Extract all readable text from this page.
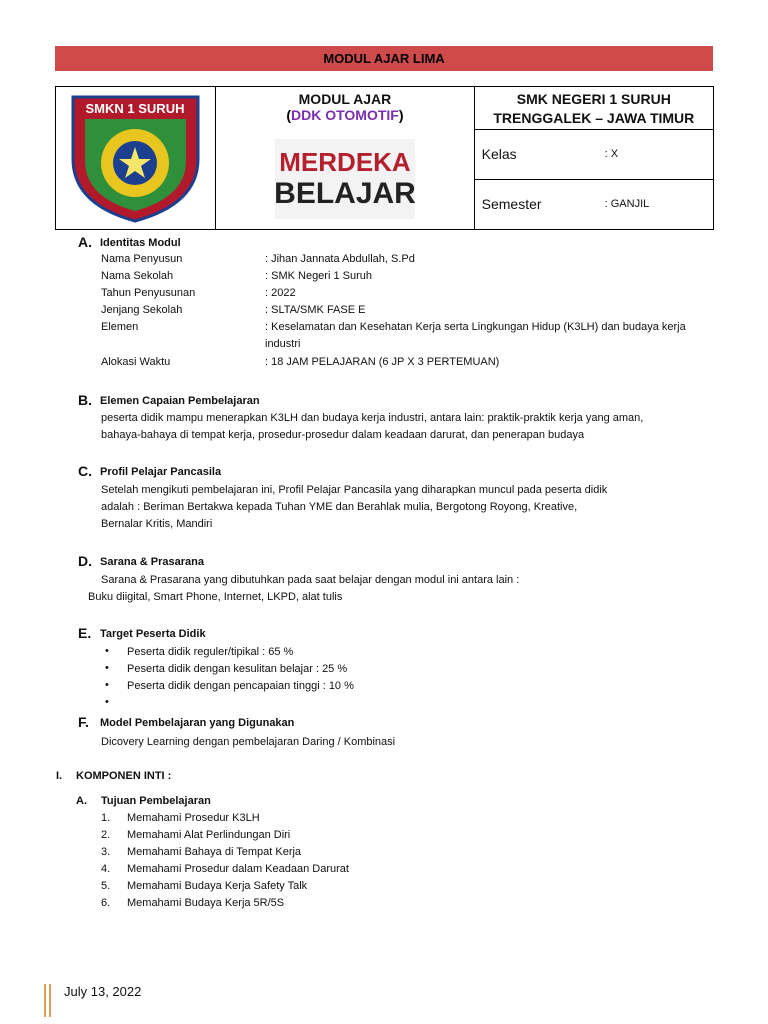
MODUL AJAR LIMA
SMKN 1 SURUH

MODUL AJAR
(DDK OTOMOTIF)
MERDEKA
BELAJAR

SMK NEGERI 1 SURUH
TRENGGALEK – JAWA TIMUR

Kelas	: X

Semester	: GANJIL
A. Identitas Modul
Nama Penyusun	: Jihan Jannata Abdullah, S.Pd
Nama Sekolah	: SMK Negeri 1 Suruh
Tahun Penyusunan	: 2022
Jenjang Sekolah	: SLTA/SMK FASE E
Elemen	: Keselamatan dan Kesehatan Kerja serta Lingkungan Hidup (K3LH) dan budaya kerja
industri
Alokasi Waktu	: 18 JAM PELAJARAN (6 JP X 3 PERTEMUAN)
B. Elemen Capaian Pembelajaran
peserta didik mampu menerapkan K3LH dan budaya kerja industri, antara lain: praktik-praktik kerja yang aman,
bahaya-bahaya di tempat kerja, prosedur-prosedur dalam keadaan darurat, dan penerapan budaya
C. Profil Pelajar Pancasila
Setelah mengikuti pembelajaran ini, Profil Pelajar Pancasila yang diharapkan muncul pada peserta didik
adalah : Beriman Bertakwa kepada Tuhan YME dan Berahlak mulia, Bergotong Royong, Kreative,
Bernalar Kritis, Mandiri
D. Sarana & Prasarana
Sarana & Prasarana yang dibutuhkan pada saat belajar dengan modul ini antara lain :
Buku diigital, Smart Phone, Internet, LKPD, alat tulis
E. Target Peserta Didik
• Peserta didik reguler/tipikal : 65 %
• Peserta didik dengan kesulitan belajar : 25 %
• Peserta didik dengan pencapaian tinggi : 10 %
•
F. Model Pembelajaran yang Digunakan
Dicovery Learning dengan pembelajaran Daring / Kombinasi
I. KOMPONEN INTI :
A. Tujuan Pembelajaran
1. Memahami Prosedur K3LH
2. Memahami Alat Perlindungan Diri
3. Memahami Bahaya di Tempat Kerja
4. Memahami Prosedur dalam Keadaan Darurat
5. Memahami Budaya Kerja Safety Talk
6. Memahami Budaya Kerja 5R/5S
July 13, 2022
